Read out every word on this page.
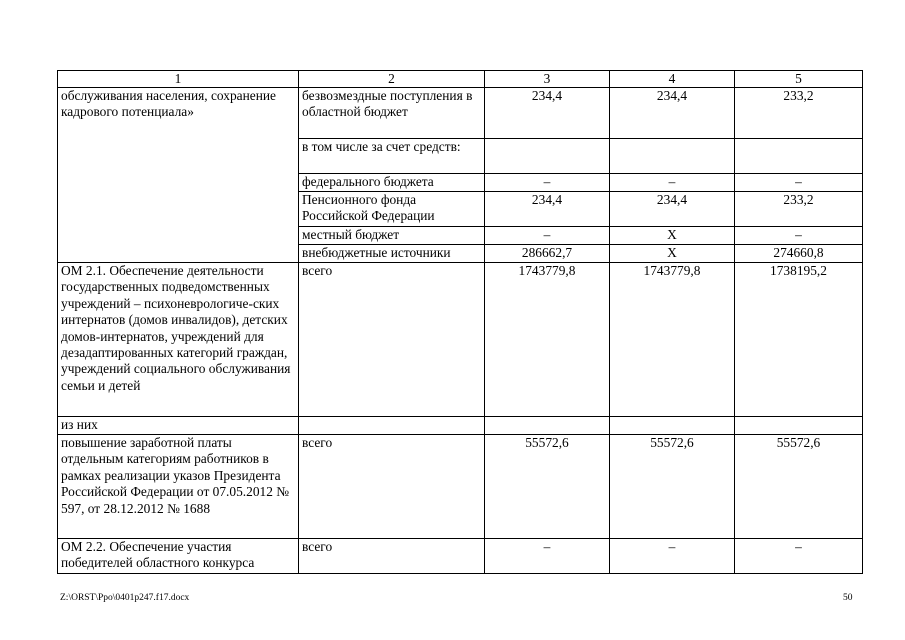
1	2	3	4	5
обслуживания населения, сохранение кадрового потенциала»	безвозмездные поступления в областной бюджет	234,4	234,4	233,2
	в том числе за счет средств:			
	федерального бюджета	–	–	–
	Пенсионного фонда Российской Федерации	234,4	234,4	233,2
	местный бюджет	–	Х	–
	внебюджетные источники	286662,7	Х	274660,8
ОМ 2.1. Обеспечение деятельности государственных подведомственных учреждений – психоневрологиче-ских интернатов (домов инвалидов), детских домов-интернатов, учреждений для дезадаптированных категорий граждан, учреждений социального обслуживания семьи и детей	всего	1743779,8	1743779,8	1738195,2
из них				
повышение заработной платы отдельным категориям работников в рамках реализации указов Президента Российской Федерации от 07.05.2012 № 597, от 28.12.2012 № 1688	всего	55572,6	55572,6	55572,6
ОМ 2.2. Обеспечение участия победителей областного конкурса	всего	–	–	–
Z:\ORST\Ppo\0401p247.f17.docx	50
